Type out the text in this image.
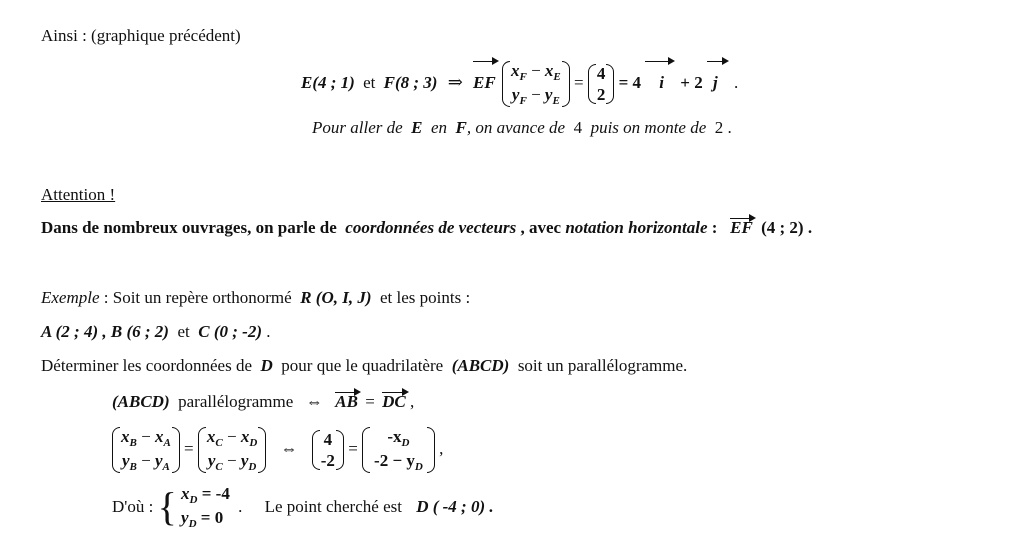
Ainsi : (graphique précédent)
E(4 ; 1) et F(8 ; 3) ⇒ EF
$x_F - x_E$
$y_F - y_E$
= 4
2
= 4 i + 2 j .
Pour aller de E en F, on avance de 4 puis on monte de 2 .
Attention !
Dans de nombreux ouvrages, on parle de coordonnées de vecteurs , avec notation horizontale : EF (4 ; 2) .
Exemple : Soit un repère orthonormé R (O, I, J) et les points :
A (2 ; 4) , B (6 ; 2) et C (0 ; -2) .
Déterminer les coordonnées de D pour que le quadrilatère (ABCD) soit un parallélogramme.
(ABCD) parallélogramme ⇔ AB = DC ,
$x_B - x_A$
$y_B - y_A$
=
$x_C - x_D$
$y_C - y_D$
⇔ 4
-2
=
$-x_D$
$-2 - y_D$
,
D'où : { $x_D = -4$
$y_D = 0$
. Le point cherché est D ( -4 ; 0) .
